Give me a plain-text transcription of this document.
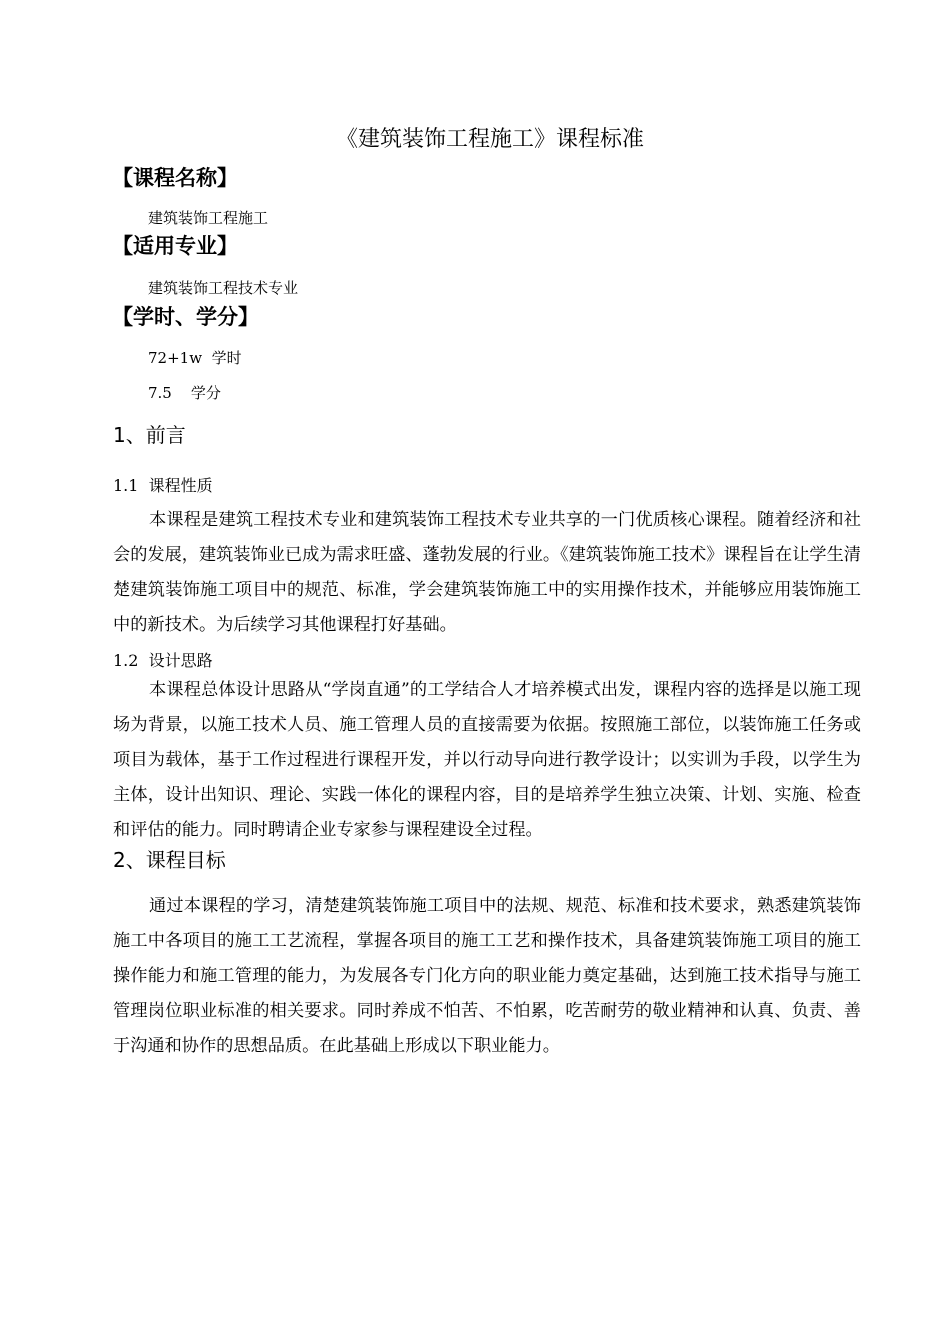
《建筑装饰工程施工》课程标准
【课程名称】
建筑装饰工程施工
【适用专业】
建筑装饰工程技术专业
【学时、学分】
72+1w  学时
7.5    学分
1、前言
1.1  课程性质

本课程是建筑工程技术专业和建筑装饰工程技术专业共享的一门优质核心课程。随着经济和社会的发展，建筑装饰业已成为需求旺盛、蓬勃发展的行业。《建筑装饰施工技术》课程旨在让学生清楚建筑装饰施工项目中的规范、标准，学会建筑装饰施工中的实用操作技术，并能够应用装饰施工中的新技术。为后续学习其他课程打好基础。

1.2  设计思路

本课程总体设计思路从“学岗直通”的工学结合人才培养模式出发，课程内容的选择是以施工现场为背景，以施工技术人员、施工管理人员的直接需要为依据。按照施工部位，以装饰施工任务或项目为载体，基于工作过程进行课程开发，并以行动导向进行教学设计；以实训为手段，以学生为主体，设计出知识、理论、实践一体化的课程内容，目的是培养学生独立决策、计划、实施、检查和评估的能力。同时聘请企业专家参与课程建设全过程。

2、课程目标

通过本课程的学习，清楚建筑装饰施工项目中的法规、规范、标准和技术要求，熟悉建筑装饰施工中各项目的施工工艺流程，掌握各项目的施工工艺和操作技术，具备建筑装饰施工项目的施工操作能力和施工管理的能力，为发展各专门化方向的职业能力奠定基础，达到施工技术指导与施工管理岗位职业标准的相关要求。同时养成不怕苦、不怕累，吃苦耐劳的敬业精神和认真、负责、善于沟通和协作的思想品质。在此基础上形成以下职业能力。
